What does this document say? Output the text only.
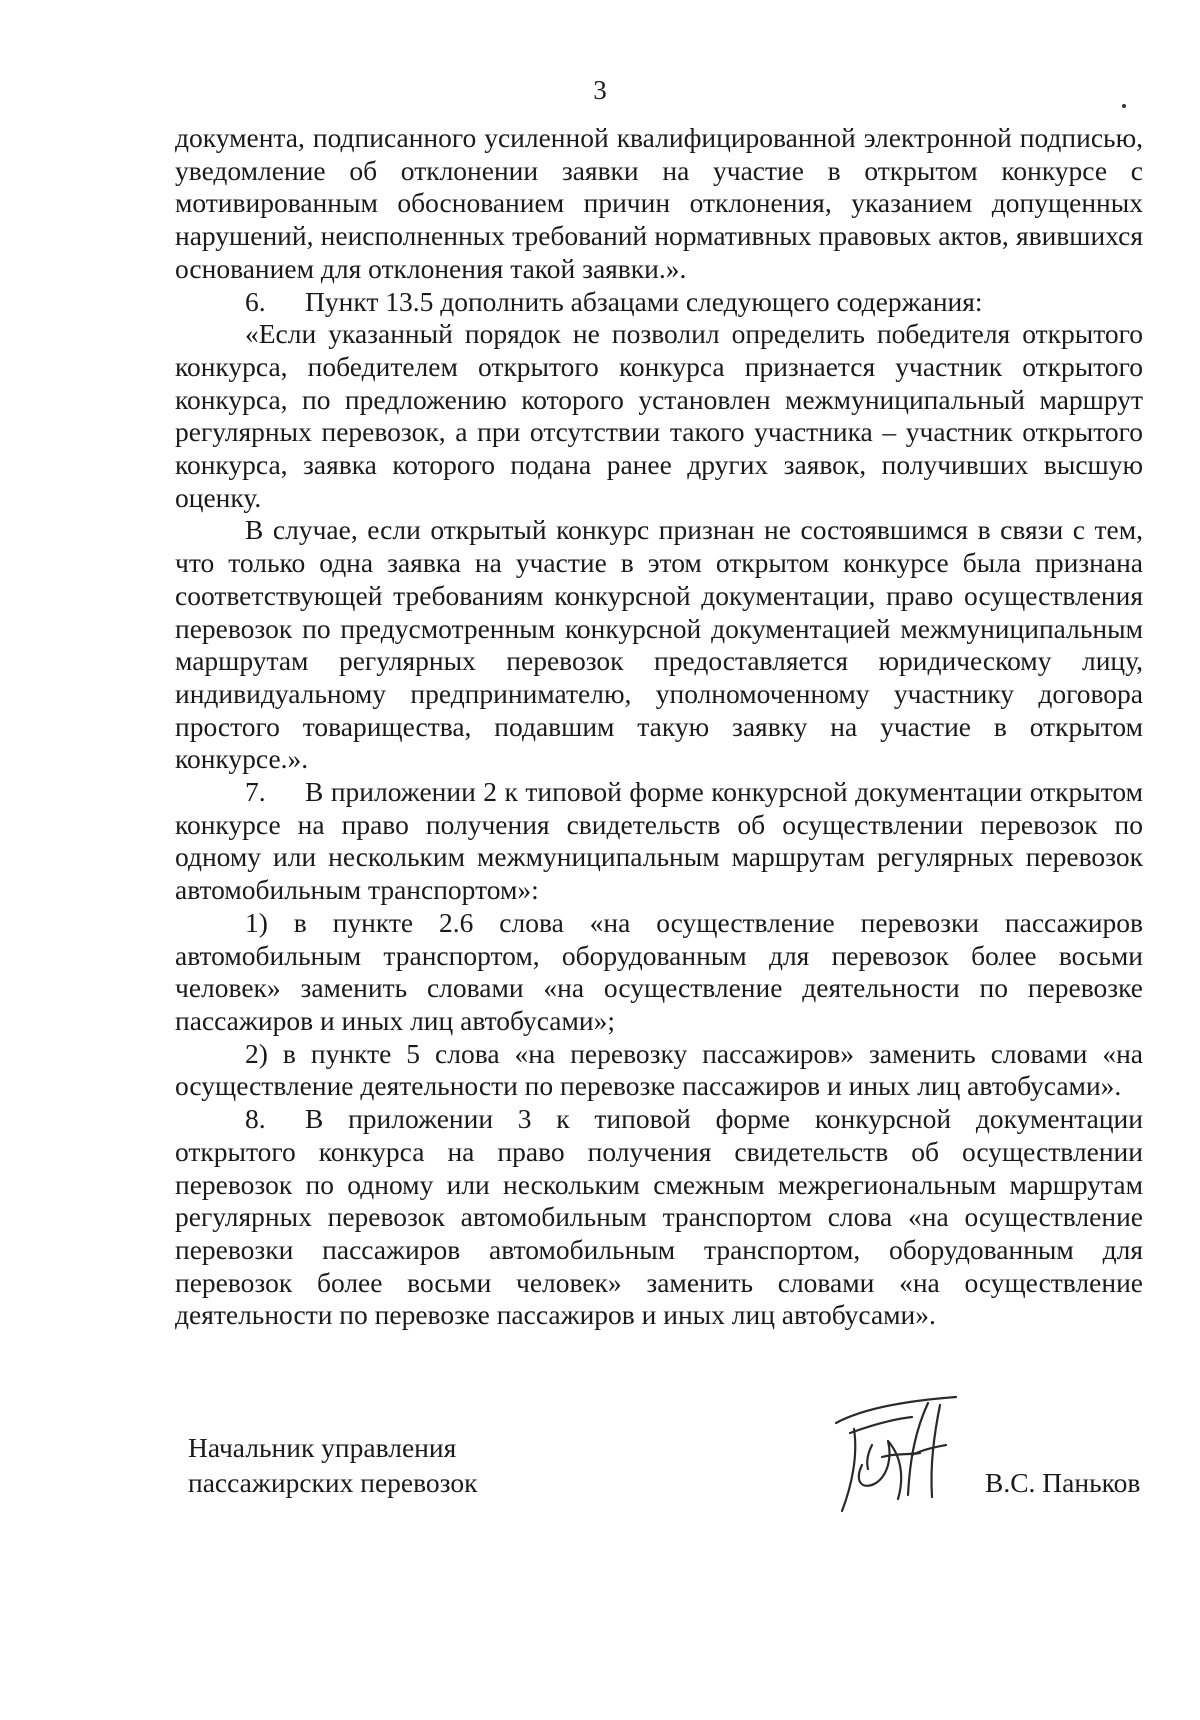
3

документа, подписанного усиленной квалифицированной электронной подписью, уведомление об отклонении заявки на участие в открытом конкурсе с мотивированным обоснованием причин отклонения, указанием допущенных нарушений, неисполненных требований нормативных правовых актов, явившихся основанием для отклонения такой заявки.».

6. Пункт 13.5 дополнить абзацами следующего содержания:

«Если указанный порядок не позволил определить победителя открытого конкурса, победителем открытого конкурса признается участник открытого конкурса, по предложению которого установлен межмуниципальный маршрут регулярных перевозок, а при отсутствии такого участника – участник открытого конкурса, заявка которого подана ранее других заявок, получивших высшую оценку.

В случае, если открытый конкурс признан не состоявшимся в связи с тем, что только одна заявка на участие в этом открытом конкурсе была признана соответствующей требованиям конкурсной документации, право осуществления перевозок по предусмотренным конкурсной документацией межмуниципальным маршрутам регулярных перевозок предоставляется юридическому лицу, индивидуальному предпринимателю, уполномоченному участнику договора простого товарищества, подавшим такую заявку на участие в открытом конкурсе.».

7. В приложении 2 к типовой форме конкурсной документации открытом конкурсе на право получения свидетельств об осуществлении перевозок по одному или нескольким межмуниципальным маршрутам регулярных перевозок автомобильным транспортом»:

1) в пункте 2.6 слова «на осуществление перевозки пассажиров автомобильным транспортом, оборудованным для перевозок более восьми человек» заменить словами «на осуществление деятельности по перевозке пассажиров и иных лиц автобусами»;

2) в пункте 5 слова «на перевозку пассажиров» заменить словами «на осуществление деятельности по перевозке пассажиров и иных лиц автобусами».

8. В приложении 3 к типовой форме конкурсной документации открытого конкурса на право получения свидетельств об осуществлении перевозок по одному или нескольким смежным межрегиональным маршрутам регулярных перевозок автомобильным транспортом слова «на осуществление перевозки пассажиров автомобильным транспортом, оборудованным для перевозок более восьми человек» заменить словами «на осуществление деятельности по перевозке пассажиров и иных лиц автобусами».

Начальник управления
пассажирских перевозок	В.С. Паньков
